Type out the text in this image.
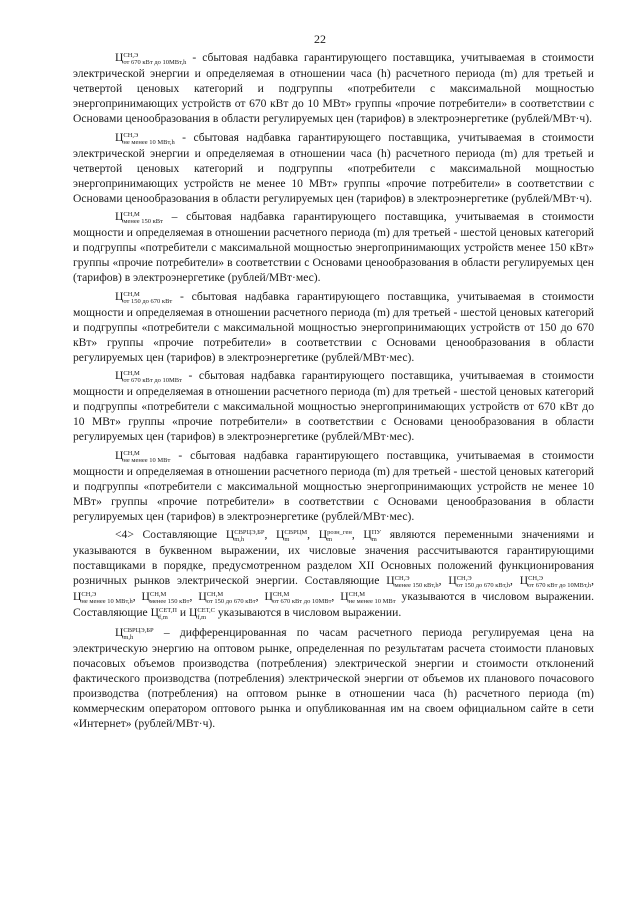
22

Ц СН,Э
от 670 кВт до 10МВт,h - сбытовая надбавка гарантирующего поставщика, учитываемая в стоимости электрической энергии и определяемая в отношении часа (h) расчетного периода (m) для третьей и четвертой ценовых категорий и подгруппы «потребители с максимальной мощностью энергопринимающих устройств от 670 кВт до 10 МВт» группы «прочие потребители» в соответствии с Основами ценообразования в области регулируемых цен (тарифов) в электроэнергетике (рублей/МВт·ч).

Ц СН,Э
не менее 10 МВт,h - сбытовая надбавка гарантирующего поставщика, учитываемая в стоимости электрической энергии и определяемая в отношении часа (h) расчетного периода (m) для третьей и четвертой ценовых категорий и подгруппы «потребители с максимальной мощностью энергопринимающих устройств не менее 10 МВт» группы «прочие потребители» в соответствии с Основами ценообразования в области регулируемых цен (тарифов) в электроэнергетике (рублей/МВт·ч).

Ц СН,М
менее 150 кВт – сбытовая надбавка гарантирующего поставщика, учитываемая в стоимости мощности и определяемая в отношении расчетного периода (m) для третьей - шестой ценовых категорий и подгруппы «потребители с максимальной мощностью энергопринимающих устройств менее 150 кВт» группы «прочие потребители» в соответствии с Основами ценообразования в области регулируемых цен (тарифов) в электроэнергетике (рублей/МВт·мес).

Ц СН,М
от 150 до 670 кВт - сбытовая надбавка гарантирующего поставщика, учитываемая в стоимости мощности и определяемая в отношении расчетного периода (m) для третьей - шестой ценовых категорий и подгруппы «потребители с максимальной мощностью энергопринимающих устройств от 150 до 670 кВт» группы «прочие потребители» в соответствии с Основами ценообразования в области регулируемых цен (тарифов) в электроэнергетике (рублей/МВт·мес).

Ц СН,М
от 670 кВт до 10МВт - сбытовая надбавка гарантирующего поставщика, учитываемая в стоимости мощности и определяемая в отношении расчетного периода (m) для третьей - шестой ценовых категорий и подгруппы «потребители с максимальной мощностью энергопринимающих устройств от 670 кВт до 10 МВт» группы «прочие потребители» в соответствии с Основами ценообразования в области регулируемых цен (тарифов) в электроэнергетике (рублей/МВт·мес).

Ц СН,М
не менее 10 МВт - сбытовая надбавка гарантирующего поставщика, учитываемая в стоимости мощности и определяемая в отношении расчетного периода (m) для третьей - шестой ценовых категорий и подгруппы «потребители с максимальной мощностью энергопринимающих устройств не менее 10 МВт» группы «прочие потребители» в соответствии с Основами ценообразования в области регулируемых цен (тарифов) в электроэнергетике (рублей/МВт·мес).

<4> Составляющие Ц СВРЦЭ,БР
m,h	, Ц СВРЦМ
m	, Ц розн_ген
m	, Ц ПУ
m	являются переменными значениями и указываются в буквенном выражении, их числовые значения рассчитываются гарантирующими поставщиками в порядке, предусмотренном разделом XII Основных положений функционирования розничных рынков электрической энергии. Составляющие Ц СН,Э
менее 150 кВт,h , Ц СН,Э
от 150 до 670 кВт,h , Ц СН,Э
от 670 кВт до 10МВт,h , Ц СН,Э
не менее 10 МВт,h , Ц СН,М
менее 150 кВт , Ц СН,М
от 150 до 670 кВт , Ц СН,М
от 670 кВт до 10МВт , Ц СН,М
не менее 10 МВт указываются в числовом выражении. Составляющие Ц СЕТ,П
f,m	и Ц СЕТ,С
f,m	указываются в числовом выражении.

Ц СВРЦЭ,БР
m,h	– дифференцированная по часам расчетного периода регулируемая цена на электрическую энергию на оптовом рынке, определенная по результатам расчета стоимости плановых почасовых объемов производства (потребления) электрической энергии и стоимости отклонений фактического производства (потребления) электрической энергии от объемов их планового почасового производства (потребления) на оптовом рынке в отношении часа (h) расчетного периода (m) коммерческим оператором оптового рынка и опубликованная им на своем официальном сайте в сети «Интернет» (рублей/МВт·ч).
